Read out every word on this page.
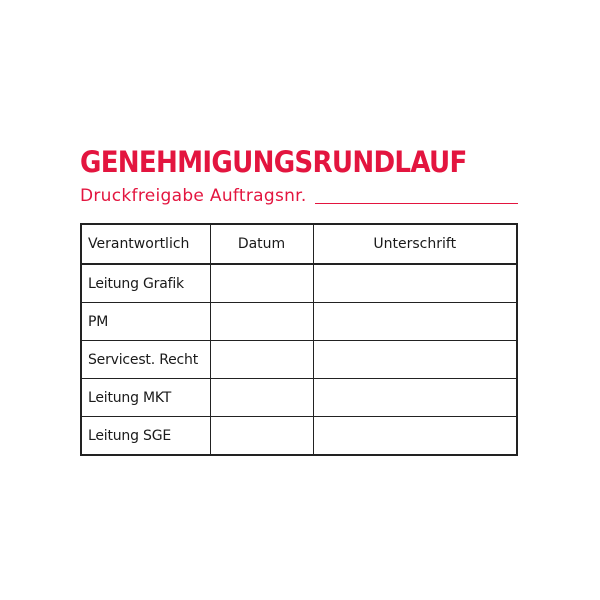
GENEHMIGUNGSRUNDLAUF
Druckfreigabe Auftragsnr.
Verantwortlich	Datum	Unterschrift
Leitung Grafik		
PM		
Servicest. Recht		
Leitung MKT		
Leitung SGE		
